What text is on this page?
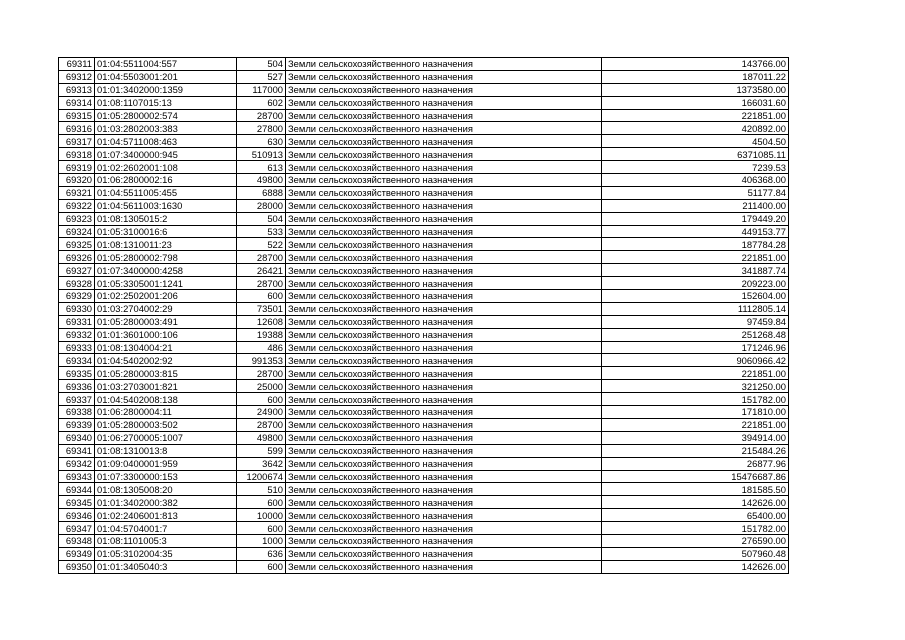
69311	01:04:5511004:557	504	Земли сельскохозяйственного назначения	143766.00
69312	01:04:5503001:201	527	Земли сельскохозяйственного назначения	187011.22
69313	01:01:3402000:1359	117000	Земли сельскохозяйственного назначения	1373580.00
69314	01:08:1107015:13	602	Земли сельскохозяйственного назначения	166031.60
69315	01:05:2800002:574	28700	Земли сельскохозяйственного назначения	221851.00
69316	01:03:2802003:383	27800	Земли сельскохозяйственного назначения	420892.00
69317	01:04:5711008:463	630	Земли сельскохозяйственного назначения	4504.50
69318	01:07:3400000:945	510913	Земли сельскохозяйственного назначения	6371085.11
69319	01:02:2602001:108	613	Земли сельскохозяйственного назначения	7239.53
69320	01:06:2800002:16	49800	Земли сельскохозяйственного назначения	406368.00
69321	01:04:5511005:455	6888	Земли сельскохозяйственного назначения	51177.84
69322	01:04:5611003:1630	28000	Земли сельскохозяйственного назначения	211400.00
69323	01:08:1305015:2	504	Земли сельскохозяйственного назначения	179449.20
69324	01:05:3100016:6	533	Земли сельскохозяйственного назначения	449153.77
69325	01:08:1310011:23	522	Земли сельскохозяйственного назначения	187784.28
69326	01:05:2800002:798	28700	Земли сельскохозяйственного назначения	221851.00
69327	01:07:3400000:4258	26421	Земли сельскохозяйственного назначения	341887.74
69328	01:05:3305001:1241	28700	Земли сельскохозяйственного назначения	209223.00
69329	01:02:2502001:206	600	Земли сельскохозяйственного назначения	152604.00
69330	01:03:2704002:29	73501	Земли сельскохозяйственного назначения	1112805.14
69331	01:05:2800003:491	12608	Земли сельскохозяйственного назначения	97459.84
69332	01:01:3601000:106	19388	Земли сельскохозяйственного назначения	251268.48
69333	01:08:1304004:21	486	Земли сельскохозяйственного назначения	171246.96
69334	01:04:5402002:92	991353	Земли сельскохозяйственного назначения	9060966.42
69335	01:05:2800003:815	28700	Земли сельскохозяйственного назначения	221851.00
69336	01:03:2703001:821	25000	Земли сельскохозяйственного назначения	321250.00
69337	01:04:5402008:138	600	Земли сельскохозяйственного назначения	151782.00
69338	01:06:2800004:11	24900	Земли сельскохозяйственного назначения	171810.00
69339	01:05:2800003:502	28700	Земли сельскохозяйственного назначения	221851.00
69340	01:06:2700005:1007	49800	Земли сельскохозяйственного назначения	394914.00
69341	01:08:1310013:8	599	Земли сельскохозяйственного назначения	215484.26
69342	01:09:0400001:959	3642	Земли сельскохозяйственного назначения	26877.96
69343	01:07:3300000:153	1200674	Земли сельскохозяйственного назначения	15476687.86
69344	01:08:1305008:20	510	Земли сельскохозяйственного назначения	181585.50
69345	01:01:3402000:382	600	Земли сельскохозяйственного назначения	142626.00
69346	01:02:2406001:813	10000	Земли сельскохозяйственного назначения	65400.00
69347	01:04:5704001:7	600	Земли сельскохозяйственного назначения	151782.00
69348	01:08:1101005:3	1000	Земли сельскохозяйственного назначения	276590.00
69349	01:05:3102004:35	636	Земли сельскохозяйственного назначения	507960.48
69350	01:01:3405040:3	600	Земли сельскохозяйственного назначения	142626.00
